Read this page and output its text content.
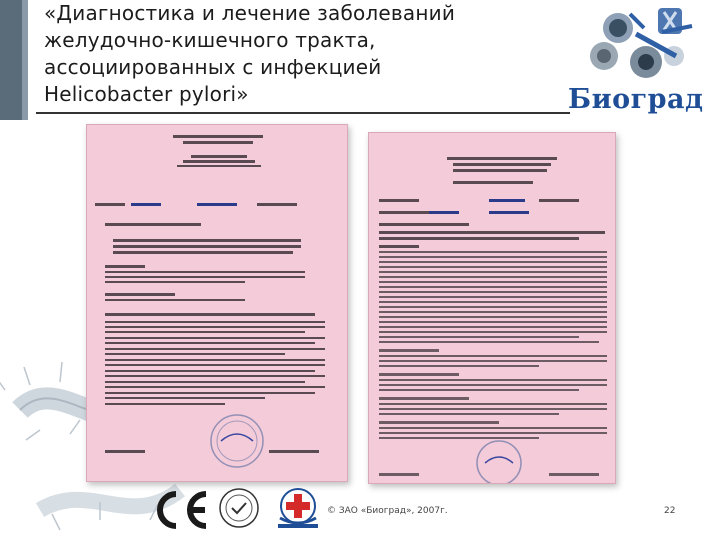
«Диагностика и лечение заболеваний
желудочно-кишечного тракта,
ассоциированных с инфекцией
Helicobacter pylori»	Биоград
© ЗАО «Биоград», 2007г.	22
